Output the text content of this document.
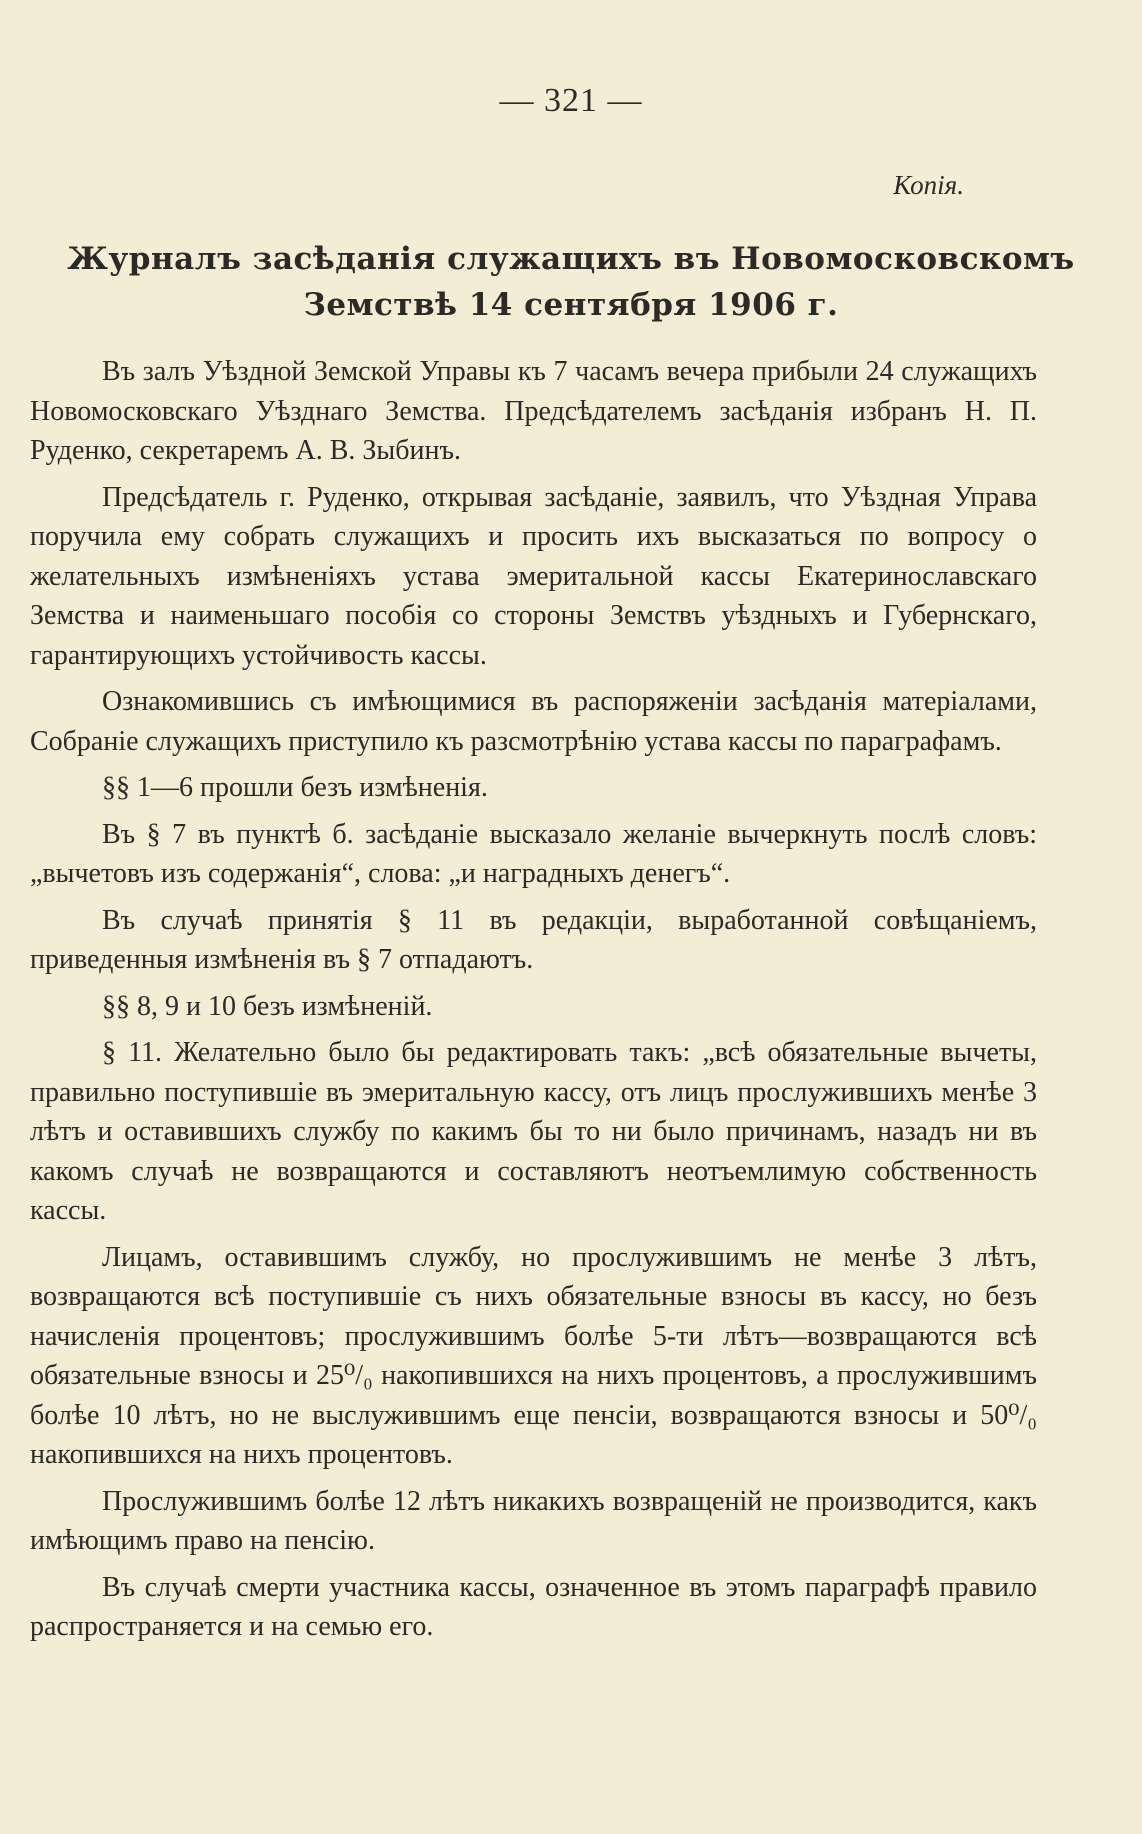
— 321 —
Копія.
Журналъ засѣданія служащихъ въ Новомосковскомъ
Земствѣ 14 сентября 1906 г.

Въ залъ Уѣздной Земской Управы къ 7 часамъ вечера прибыли 24 служащихъ Новомосковскаго Уѣзднаго Земства. Предсѣдателемъ засѣданія избранъ Н. П. Руденко, секретаремъ А. В. Зыбинъ.

Предсѣдатель г. Руденко, открывая засѣданіе, заявилъ, что Уѣздная Управа поручила ему собрать служащихъ и просить ихъ высказаться по вопросу о желательныхъ измѣненіяхъ устава эмеритальной кассы Екатеринославскаго Земства и наименьшаго пособія со стороны Земствъ уѣздныхъ и Губернскаго, гарантирующихъ устойчивость кассы.

Ознакомившись съ имѣющимися въ распоряженіи засѣданія матеріалами, Собраніе служащихъ приступило къ разсмотрѣнію устава кассы по параграфамъ.

§§ 1—6 прошли безъ измѣненія.

Въ § 7 въ пунктѣ б. засѣданіе высказало желаніе вычеркнуть послѣ словъ: „вычетовъ изъ содержанія“, слова: „и наградныхъ денегъ“.

Въ случаѣ принятія § 11 въ редакціи, выработанной совѣщаніемъ, приведенныя измѣненія въ § 7 отпадаютъ.

§§ 8, 9 и 10 безъ измѣненій.

§ 11. Желательно было бы редактировать такъ: „всѣ обязательные вычеты, правильно поступившіе въ эмеритальную кассу, отъ лицъ прослужившихъ менѣе 3 лѣтъ и оставившихъ службу по какимъ бы то ни было причинамъ, назадъ ни въ какомъ случаѣ не возвращаются и составляютъ неотъемлимую собственность кассы.

Лицамъ, оставившимъ службу, но прослужившимъ не менѣе 3 лѣтъ, возвращаются всѣ поступившіе съ нихъ обязательные взносы въ кассу, но безъ начисленія процентовъ; прослужившимъ болѣе 5-ти лѣтъ—возвращаются всѣ обязательные взносы и 25⁰/₀ накопившихся на нихъ процентовъ, а прослужившимъ болѣе 10 лѣтъ, но не выслужившимъ еще пенсіи, возвращаются взносы и 50⁰/₀ накопившихся на нихъ процентовъ.

Прослужившимъ болѣе 12 лѣтъ никакихъ возвращеній не производится, какъ имѣющимъ право на пенсію.

Въ случаѣ смерти участника кассы, означенное въ этомъ параграфѣ правило распространяется и на семью его.
